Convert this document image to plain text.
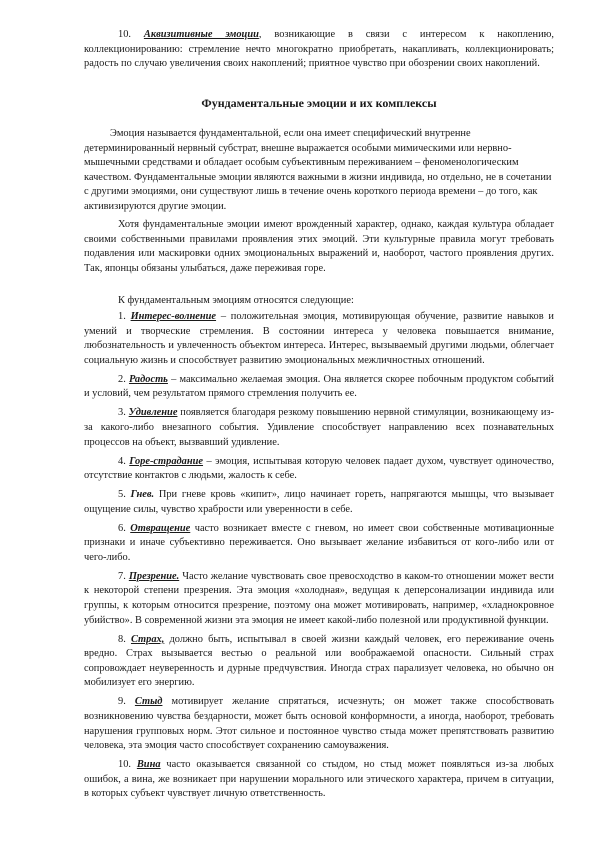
10. Аквизитивные эмоции, возникающие в связи с интересом к накоплению, коллекционированию: стремление нечто многократно приобретать, накапливать, коллекционировать; радость по случаю увеличения своих накоплений; приятное чувство при обозрении своих накоплений.

Фундаментальные эмоции и их комплексы

Эмоция называется фундаментальной, если она имеет специфический внутренне детерминированный нервный субстрат, внешне выражается особыми мимическими или нервно- мышечными средствами и обладает особым субъективным переживанием – феноменологическим качеством. Фундаментальные эмоции являются важными в жизни индивида, но отдельно, не в сочетании с другими эмоциями, они существуют лишь в течение очень короткого периода времени – до того, как активизируются другие эмоции.

Хотя фундаментальные эмоции имеют врожденный характер, однако, каждая культура обладает своими собственными правилами проявления этих эмоций. Эти культурные правила могут требовать подавления или маскировки одних эмоциональных выражений и, наоборот, частого проявления других. Так, японцы обязаны улыбаться, даже переживая горе.

К фундаментальным эмоциям относятся следующие:

1. Интерес-волнение – положительная эмоция, мотивирующая обучение, развитие навыков и умений и творческие стремления. В состоянии интереса у человека повышается внимание, любознательность и увлеченность объектом интереса. Интерес, вызываемый другими людьми, облегчает социальную жизнь и способствует развитию эмоциональных межличностных отношений.

2. Радость – максимально желаемая эмоция. Она является скорее побочным продуктом событий и условий, чем результатом прямого стремления получить ее.

3. Удивление появляется благодаря резкому повышению нервной стимуляции, возникающему из-за какого-либо внезапного события. Удивление способствует направлению всех познавательных процессов на объект, вызвавший удивление.

4. Горе-страдание – эмоция, испытывая которую человек падает духом, чувствует одиночество, отсутствие контактов с людьми, жалость к себе.

5. Гнев. При гневе кровь «кипит», лицо начинает гореть, напрягаются мышцы, что вызывает ощущение силы, чувство храбрости или уверенности в себе.

6. Отвращение часто возникает вместе с гневом, но имеет свои собственные мотивационные признаки и иначе субъективно переживается. Оно вызывает желание избавиться от кого-либо или от чего-либо.

7. Презрение. Часто желание чувствовать свое превосходство в каком-то отношении может вести к некоторой степени презрения. Эта эмоция «холодная», ведущая к деперсонализации индивида или группы, к которым относится презрение, поэтому она может мотивировать, например, «хладнокровное убийство». В современной жизни эта эмоция не имеет какой-либо полезной или продуктивной функции.

8. Страх, должно быть, испытывал в своей жизни каждый человек, его переживание очень вредно. Страх вызывается вестью о реальной или воображаемой опасности. Сильный страх сопровождает неуверенность и дурные предчувствия. Иногда страх парализует человека, но обычно он мобилизует его энергию.

9. Стыд мотивирует желание спрятаться, исчезнуть; он может также способствовать возникновению чувства бездарности, может быть основой конформности, а иногда, наоборот, требовать нарушения групповых норм. Этот сильное и постоянное чувство стыда может препятствовать развитию человека, эта эмоция часто способствует сохранению самоуважения.

10. Вина часто оказывается связанной со стыдом, но стыд может появляться из-за любых ошибок, а вина, же возникает при нарушении морального или этического характера, причем в ситуации, в которых субъект чувствует личную ответственность.
